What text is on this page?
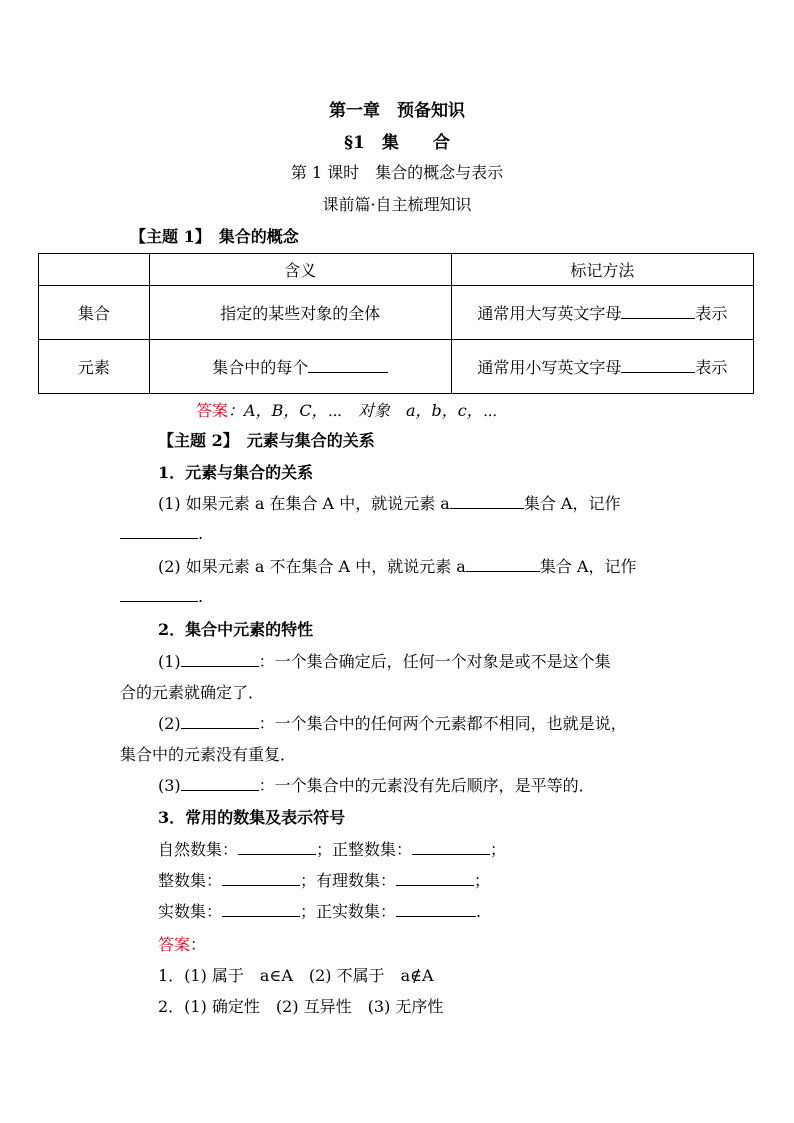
第一章　预备知识
§1　集　　合
第 1 课时　集合的概念与表示
课前篇·自主梳理知识
【主题 1】　集合的概念
	含义	标记方法
集合	指定的某些对象的全体	通常用大写英文字母 表示
元素	集合中的每个	通常用小写英文字母 表示
答案：A，B，C，⋯　对象　a，b，c，⋯
【主题 2】　元素与集合的关系
1．元素与集合的关系
(1) 如果元素 a 在集合 A 中，就说元素 a	集合 A，记作
.
(2) 如果元素 a 不在集合 A 中，就说元素 a	集合 A，记作
.
2．集合中元素的特性
(1)	：一个集合确定后，任何一个对象是或不是这个集
合的元素就确定了．
(2)	：一个集合中的任何两个元素都不相同，也就是说，
集合中的元素没有重复．
(3)	：一个集合中的元素没有先后顺序，是平等的．
3．常用的数集及表示符号
自然数集：	；正整数集：	；
整数集：	；有理数集：	；
实数集：	；正实数集：	.
答案：
1．(1) 属于　a∈A　(2) 不属于　a∉A
2．(1) 确定性　(2) 互异性　(3) 无序性
